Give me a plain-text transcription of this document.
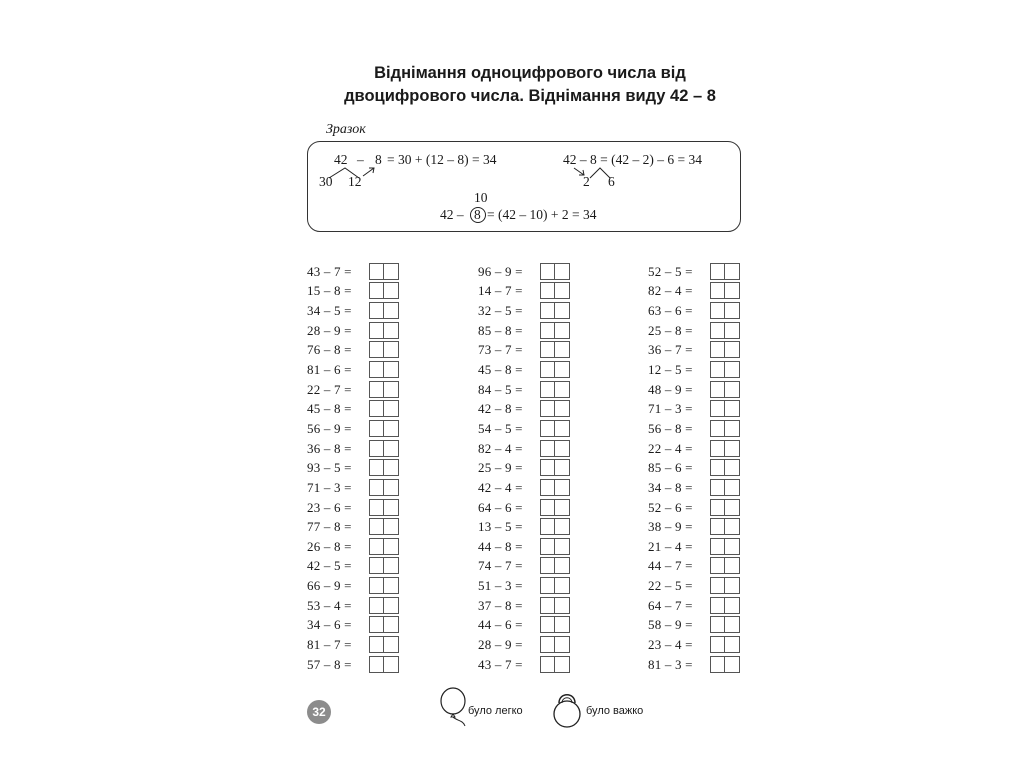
Віднімання одноцифрового числа від
двоцифрового числа. Віднімання виду 42 – 8
Зразок
42 – 8 = 30 + (12 – 8) = 34
30 12
42 – 8 = (42 – 2) – 6 = 34
2 6
10
42 – 8 = (42 – 10) + 2 = 34
43 – 7 =
15 – 8 =
34 – 5 =
28 – 9 =
76 – 8 =
81 – 6 =
22 – 7 =
45 – 8 =
56 – 9 =
36 – 8 =
93 – 5 =
71 – 3 =
23 – 6 =
77 – 8 =
26 – 8 =
42 – 5 =
66 – 9 =
53 – 4 =
34 – 6 =
81 – 7 =
57 – 8 =
96 – 9 =
14 – 7 =
32 – 5 =
85 – 8 =
73 – 7 =
45 – 8 =
84 – 5 =
42 – 8 =
54 – 5 =
82 – 4 =
25 – 9 =
42 – 4 =
64 – 6 =
13 – 5 =
44 – 8 =
74 – 7 =
51 – 3 =
37 – 8 =
44 – 6 =
28 – 9 =
43 – 7 =
52 – 5 =
82 – 4 =
63 – 6 =
25 – 8 =
36 – 7 =
12 – 5 =
48 – 9 =
71 – 3 =
56 – 8 =
22 – 4 =
85 – 6 =
34 – 8 =
52 – 6 =
38 – 9 =
21 – 4 =
44 – 7 =
22 – 5 =
64 – 7 =
58 – 9 =
23 – 4 =
81 – 3 =
32	було легко	було важко
